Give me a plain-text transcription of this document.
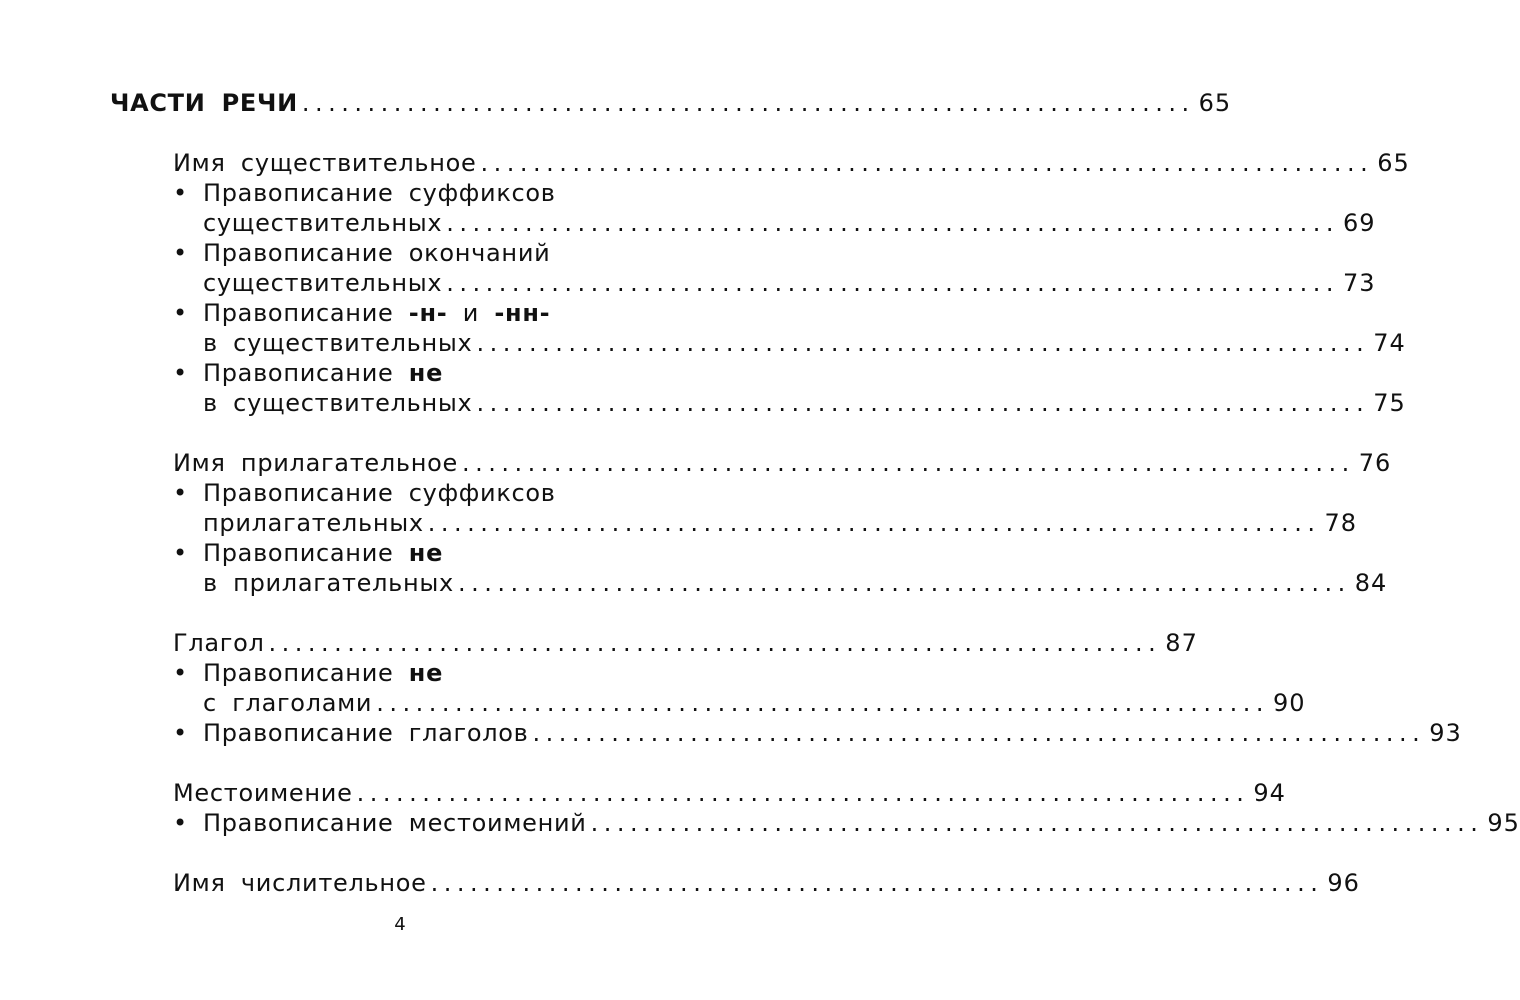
ЧАСТИ РЕЧИ .................................................................... 65
Имя существительное .................................................................... 65
• Правописание суффиксов
существительных .................................................................... 69
• Правописание окончаний
существительных .................................................................... 73
• Правописание -н- и -нн-
в существительных .................................................................... 74
• Правописание не
в существительных .................................................................... 75
Имя прилагательное .................................................................... 76
• Правописание суффиксов
прилагательных .................................................................... 78
• Правописание не
в прилагательных .................................................................... 84
Глагол .................................................................... 87
• Правописание не
с глаголами .................................................................... 90
• Правописание глаголов .................................................................... 93
Местоимение .................................................................... 94
• Правописание местоимений .................................................................... 95
Имя числительное .................................................................... 96
4
